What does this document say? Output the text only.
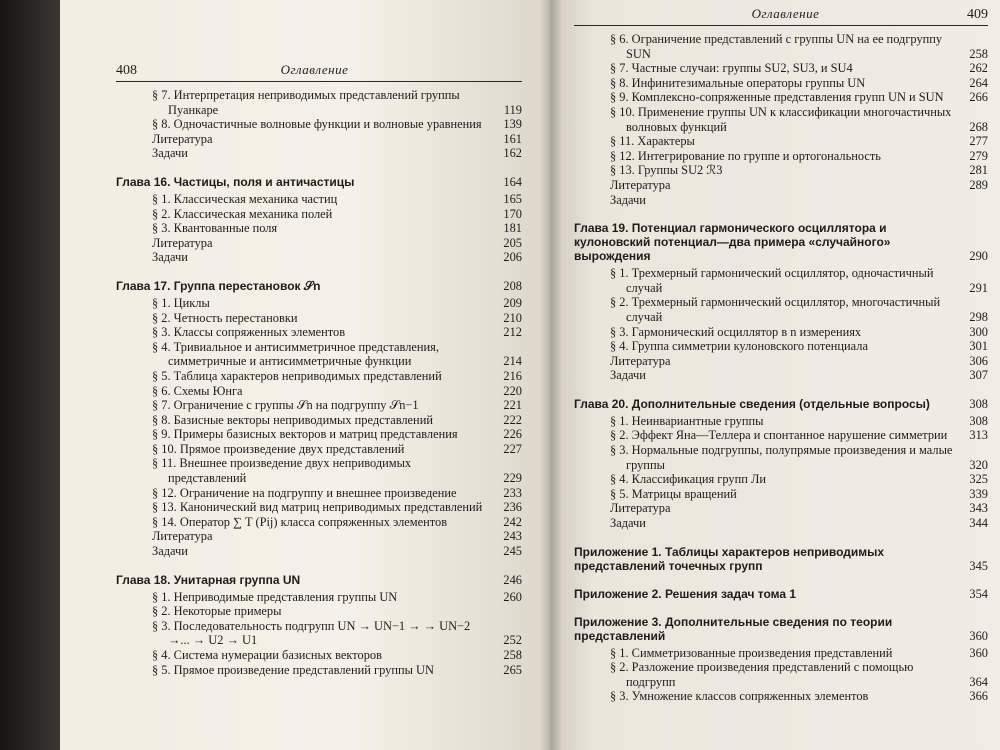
408	Оглавление
§ 7. Интерпретация неприводимых представлений группы Пуанкаре	119
§ 8. Одночастичные волновые функции и волновые уравнения	139
Литература	161
Задачи	162
Глава 16. Частицы, поля и античастицы	164
§ 1. Классическая механика частиц	165
§ 2. Классическая механика полей	170
§ 3. Квантованные поля	181
Литература	205
Задачи	206
Глава 17. Группа перестановок 𝒮n	208
§ 1. Циклы	209
§ 2. Четность перестановки	210
§ 3. Классы сопряженных элементов	212
§ 4. Тривиальное и антисимметричное представления, симметричные и антисимметричные функции	214
§ 5. Таблица характеров неприводимых представлений	216
§ 6. Схемы Юнга	220
§ 7. Ограничение с группы 𝒮n на подгруппу 𝒮n−1	221
§ 8. Базисные векторы неприводимых представлений	222
§ 9. Примеры базисных векторов и матриц представления	226
§ 10. Прямое произведение двух представлений	227
§ 11. Внешнее произведение двух неприводимых представлений	229
§ 12. Ограничение на подгруппу и внешнее произведение	233
§ 13. Канонический вид матриц неприводимых представлений	236
§ 14. Оператор ∑ T (Pij) класса сопряженных элементов	242
Литература	243
Задачи	245
Глава 18. Унитарная группа UN	246
§ 1. Неприводимые представления группы UN	260
§ 2. Некоторые примеры
§ 3. Последовательность подгрупп UN → UN−1 → → UN−2 →... → U2 → U1	252
§ 4. Система нумерации базисных векторов	258
§ 5. Прямое произведение представлений группы UN	265
Оглавление	409
§ 6. Ограничение представлений с группы UN на ее подгруппу SUN	258
§ 7. Частные случаи: группы SU2, SU3, и SU4	262
§ 8. Инфинитезимальные операторы группы UN	264
§ 9. Комплексно-сопряженные представления групп UN и SUN	266
§ 10. Применение группы UN к классификации многочастичных волновых функций	268
§ 11. Характеры	277
§ 12. Интегрирование по группе и ортогональность	279
§ 13. Группы SU2 ℛ3	281
Литература	289
Задачи
Глава 19. Потенциал гармонического осциллятора и кулоновский потенциал—два примера «случайного» вырождения	290
§ 1. Трехмерный гармонический осциллятор, одночастичный случай	291
§ 2. Трехмерный гармонический осциллятор, многочастичный случай	298
§ 3. Гармонический осциллятор в n измерениях	300
§ 4. Группа симметрии кулоновского потенциала	301
Литература	306
Задачи	307
Глава 20. Дополнительные сведения (отдельные вопросы)	308
§ 1. Неинвариантные группы	308
§ 2. Эффект Яна—Теллера и спонтанное нарушение симметрии	313
§ 3. Нормальные подгруппы, полупрямые произведения и малые группы	320
§ 4. Классификация групп Ли	325
§ 5. Матрицы вращений	339
Литература	343
Задачи	344
Приложение 1. Таблицы характеров неприводимых представлений точечных групп	345
Приложение 2. Решения задач тома 1	354
Приложение 3. Дополнительные сведения по теории представлений	360
§ 1. Симметризованные произведения представлений	360
§ 2. Разложение произведения представлений с помощью подгрупп	364
§ 3. Умножение классов сопряженных элементов	366
